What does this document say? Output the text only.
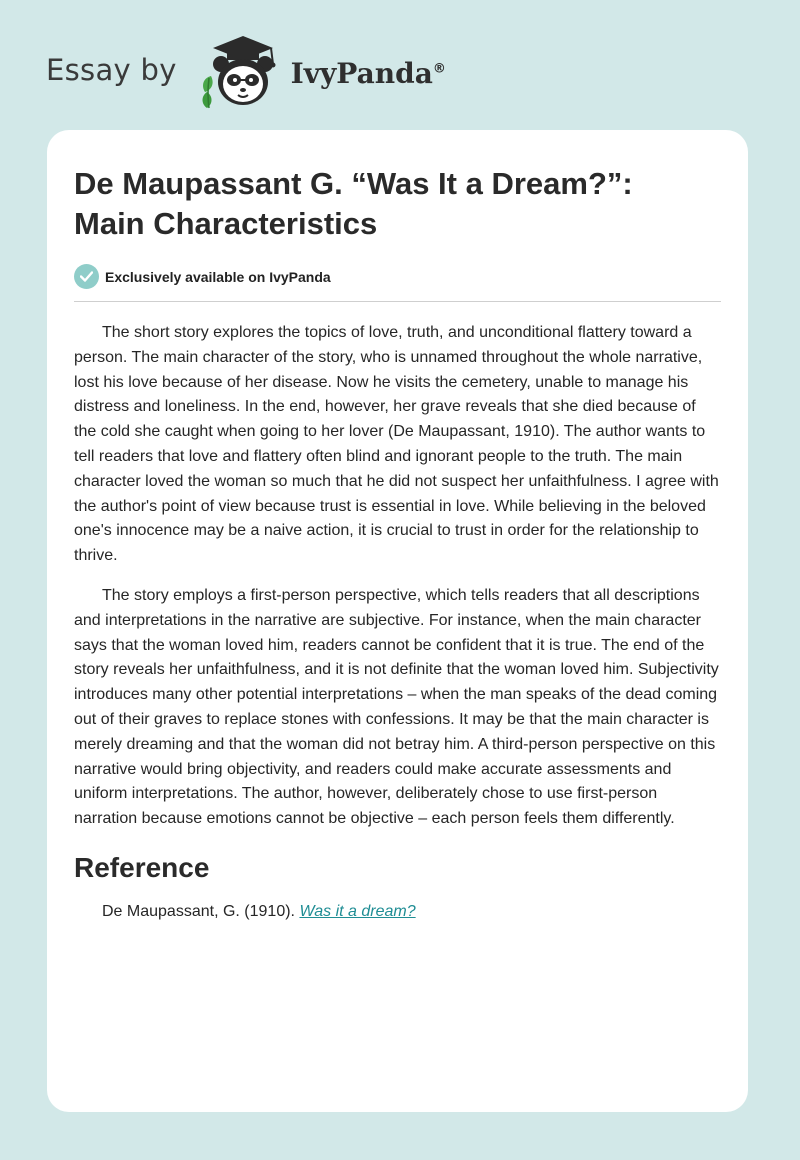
Essay by	IvyPanda®
De Maupassant G. “Was It a Dream?”:
Main Characteristics
Exclusively available on IvyPanda

The short story explores the topics of love, truth, and unconditional flattery toward a person. The main character of the story, who is unnamed throughout the whole narrative, lost his love because of her disease. Now he visits the cemetery, unable to manage his distress and loneliness. In the end, however, her grave reveals that she died because of the cold she caught when going to her lover (De Maupassant, 1910). The author wants to tell readers that love and flattery often blind and ignorant people to the truth. The main character loved the woman so much that he did not suspect her unfaithfulness. I agree with the author's point of view because trust is essential in love. While believing in the beloved one's innocence may be a naive action, it is crucial to trust in order for the relationship to thrive.

The story employs a first-person perspective, which tells readers that all descriptions and interpretations in the narrative are subjective. For instance, when the main character says that the woman loved him, readers cannot be confident that it is true. The end of the story reveals her unfaithfulness, and it is not definite that the woman loved him. Subjectivity introduces many other potential interpretations – when the man speaks of the dead coming out of their graves to replace stones with confessions. It may be that the main character is merely dreaming and that the woman did not betray him. A third-person perspective on this narrative would bring objectivity, and readers could make accurate assessments and uniform interpretations. The author, however, deliberately chose to use first-person narration because emotions cannot be objective – each person feels them differently.

Reference
De Maupassant, G. (1910). Was it a dream?
